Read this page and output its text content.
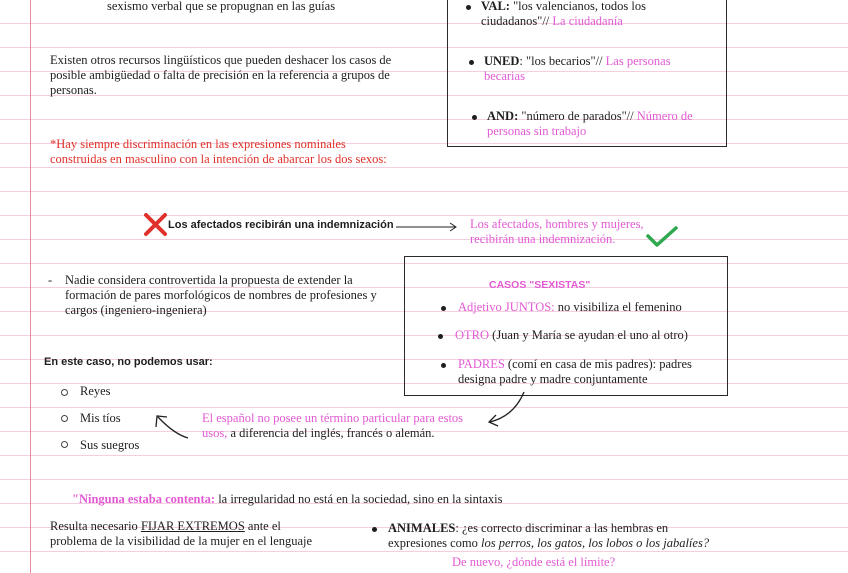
sexismo verbal que se propugnan en las guías
Existen otros recursos lingüísticos que pueden deshacer los casos de posible ambigüedad o falta de precisión en la referencia a grupos de personas.
*Hay siempre discriminación en las expresiones nominales construidas en masculino con la intención de abarcar los dos sexos:
VAL: "los valencianos, todos los ciudadanos"// La ciudadanía
UNED: "los becarios"// Las personas becarias
AND: "número de parados"// Número de personas sin trabajo
Los afectados recibirán una indemnización	Los afectados, hombres y mujeres, recibirán una indemnización.
- Nadie considera controvertida la propuesta de extender la formación de pares morfológicos de nombres de profesiones y cargos (ingeniero-ingeniera)
CASOS "SEXISTAS"
Adjetivo JUNTOS: no visibiliza el femenino
OTRO (Juan y María se ayudan el uno al otro)
PADRES (comí en casa de mis padres): padres designa padre y madre conjuntamente
En este caso, no podemos usar:
Reyes
Mis tíos
Sus suegros
El español no posee un término particular para estos usos, a diferencia del inglés, francés o alemán.
"Ninguna estaba contenta: la irregularidad no está en la sociedad, sino en la sintaxis
Resulta necesario FIJAR EXTREMOS ante el problema de la visibilidad de la mujer en el lenguaje
ANIMALES: ¿es correcto discriminar a las hembras en expresiones como los perros, los gatos, los lobos o los jabalíes?
De nuevo, ¿dónde está el límite?
